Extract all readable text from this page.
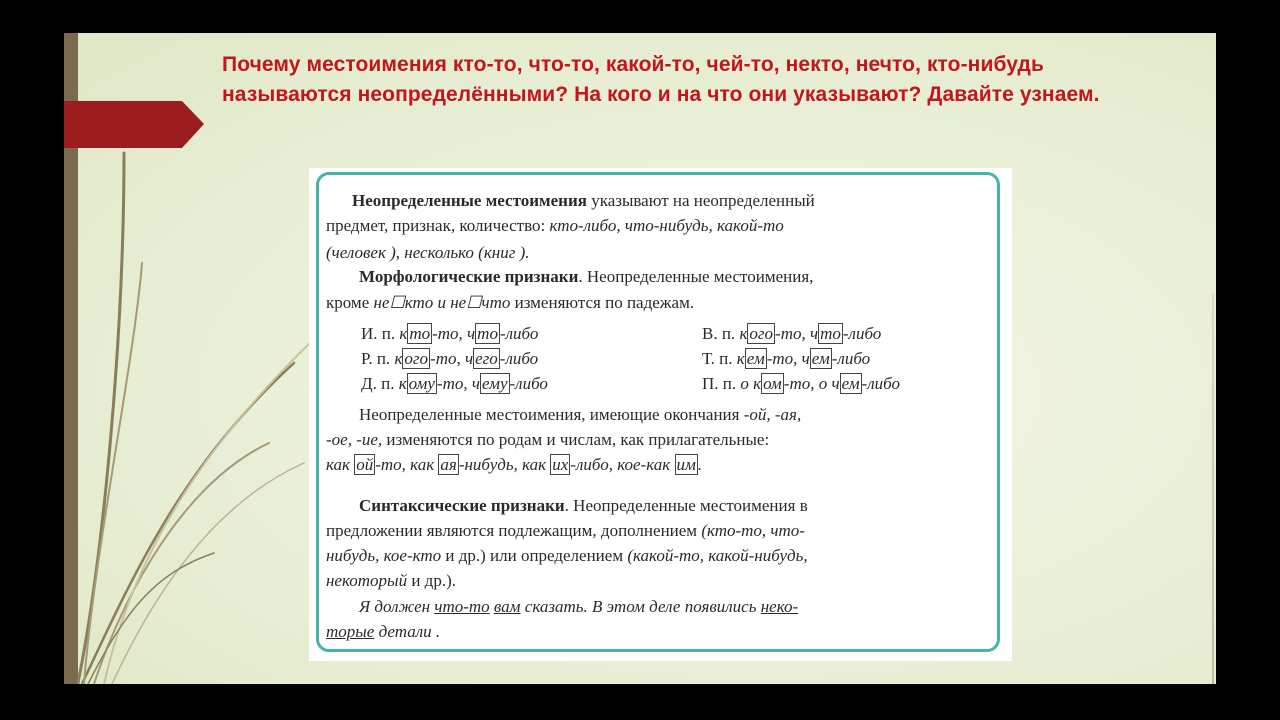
Почему местоимения кто-то, что-то, какой-то, чей-то, некто, нечто, кто-нибудь называются неопределёнными? На кого и на что они указывают? Давайте узнаем.

Неопределенные местоимения указывают на неопределенный

предмет, признак, количество: кто-либо, что-нибудь, какой-то

(человек ), несколько (книг ).

Морфологические признаки. Неопределенные местоимения,

кроме не☐кто и не☐что изменяются по падежам.

И. п. к то -то, ч то -либо

Р. п. к ого -то, ч его -либо

Д. п. к ому -то, ч ему -либо

В. п. к ого -то, ч то -либо

Т. п. к ем -то, ч ем -либо

П. п. о к ом -то, о ч ем -либо

Неопределенные местоимения, имеющие окончания -ой, -ая,

-ое, -ие, изменяются по родам и числам, как прилагательные:

как ой -то, как ая -нибудь, как их -либо, кое-как им .

Синтаксические признаки. Неопределенные местоимения в

предложении являются подлежащим, дополнением (кто-то, что-

нибудь, кое-кто и др.) или определением (какой-то, какой-нибудь,

некоторый и др.).

Я должен что-то вам сказать. В этом деле появились неко-

торые детали .
